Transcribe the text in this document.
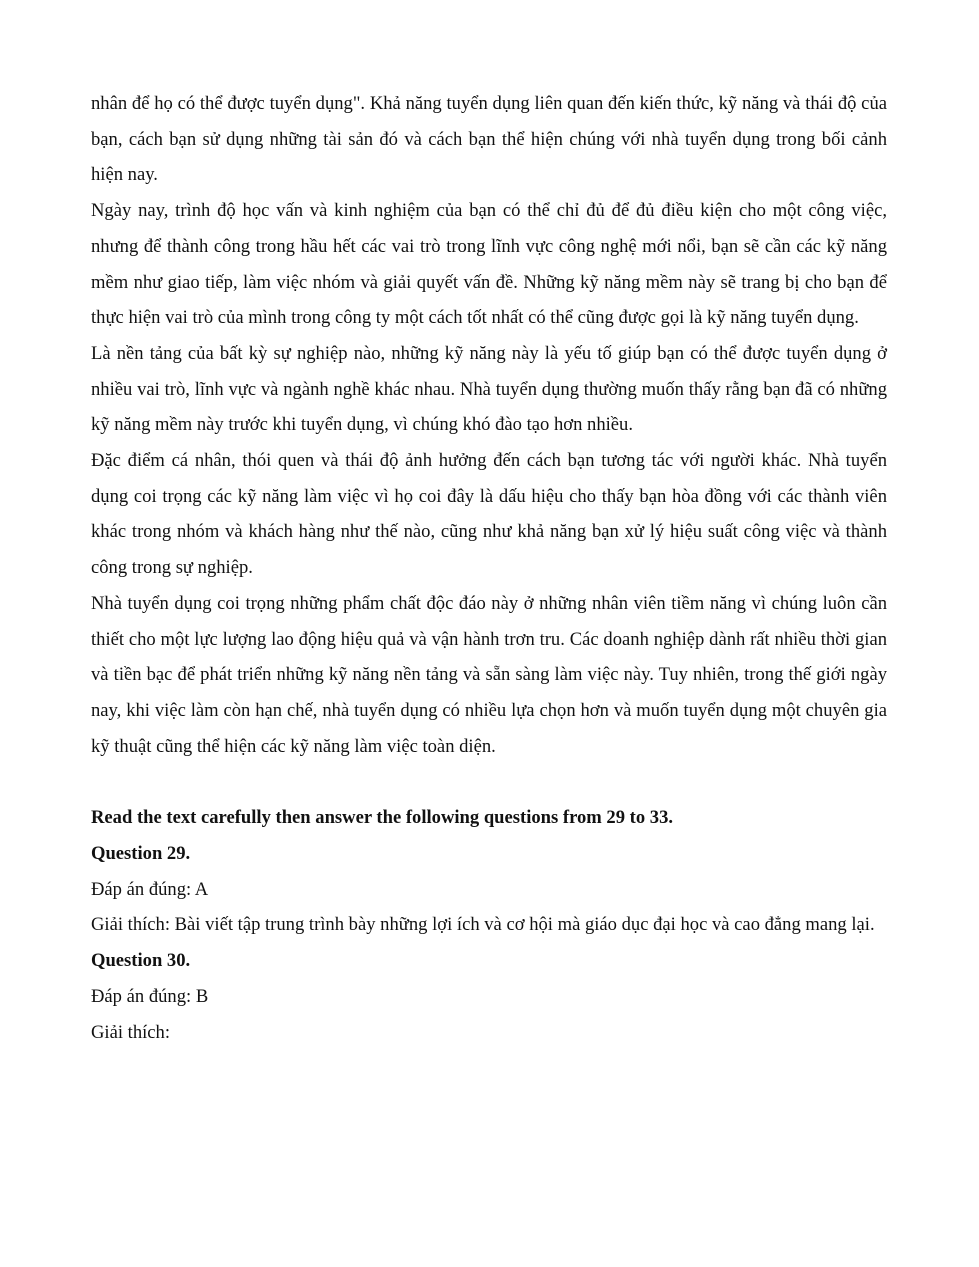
nhân để họ có thể được tuyển dụng". Khả năng tuyển dụng liên quan đến kiến thức, kỹ năng và thái độ của bạn, cách bạn sử dụng những tài sản đó và cách bạn thể hiện chúng với nhà tuyển dụng trong bối cảnh hiện nay.

Ngày nay, trình độ học vấn và kinh nghiệm của bạn có thể chỉ đủ để đủ điều kiện cho một công việc, nhưng để thành công trong hầu hết các vai trò trong lĩnh vực công nghệ mới nổi, bạn sẽ cần các kỹ năng mềm như giao tiếp, làm việc nhóm và giải quyết vấn đề. Những kỹ năng mềm này sẽ trang bị cho bạn để thực hiện vai trò của mình trong công ty một cách tốt nhất có thể cũng được gọi là kỹ năng tuyển dụng.

Là nền tảng của bất kỳ sự nghiệp nào, những kỹ năng này là yếu tố giúp bạn có thể được tuyển dụng ở nhiều vai trò, lĩnh vực và ngành nghề khác nhau. Nhà tuyển dụng thường muốn thấy rằng bạn đã có những kỹ năng mềm này trước khi tuyển dụng, vì chúng khó đào tạo hơn nhiều.

Đặc điểm cá nhân, thói quen và thái độ ảnh hưởng đến cách bạn tương tác với người khác. Nhà tuyển dụng coi trọng các kỹ năng làm việc vì họ coi đây là dấu hiệu cho thấy bạn hòa đồng với các thành viên khác trong nhóm và khách hàng như thế nào, cũng như khả năng bạn xử lý hiệu suất công việc và thành công trong sự nghiệp.

Nhà tuyển dụng coi trọng những phẩm chất độc đáo này ở những nhân viên tiềm năng vì chúng luôn cần thiết cho một lực lượng lao động hiệu quả và vận hành trơn tru. Các doanh nghiệp dành rất nhiều thời gian và tiền bạc để phát triển những kỹ năng nền tảng và sẵn sàng làm việc này. Tuy nhiên, trong thế giới ngày nay, khi việc làm còn hạn chế, nhà tuyển dụng có nhiều lựa chọn hơn và muốn tuyển dụng một chuyên gia kỹ thuật cũng thể hiện các kỹ năng làm việc toàn diện.

Read the text carefully then answer the following questions from 29 to 33.

Question 29.

Đáp án đúng: A

Giải thích: Bài viết tập trung trình bày những lợi ích và cơ hội mà giáo dục đại học và cao đẳng mang lại.

Question 30.

Đáp án đúng: B

Giải thích:
